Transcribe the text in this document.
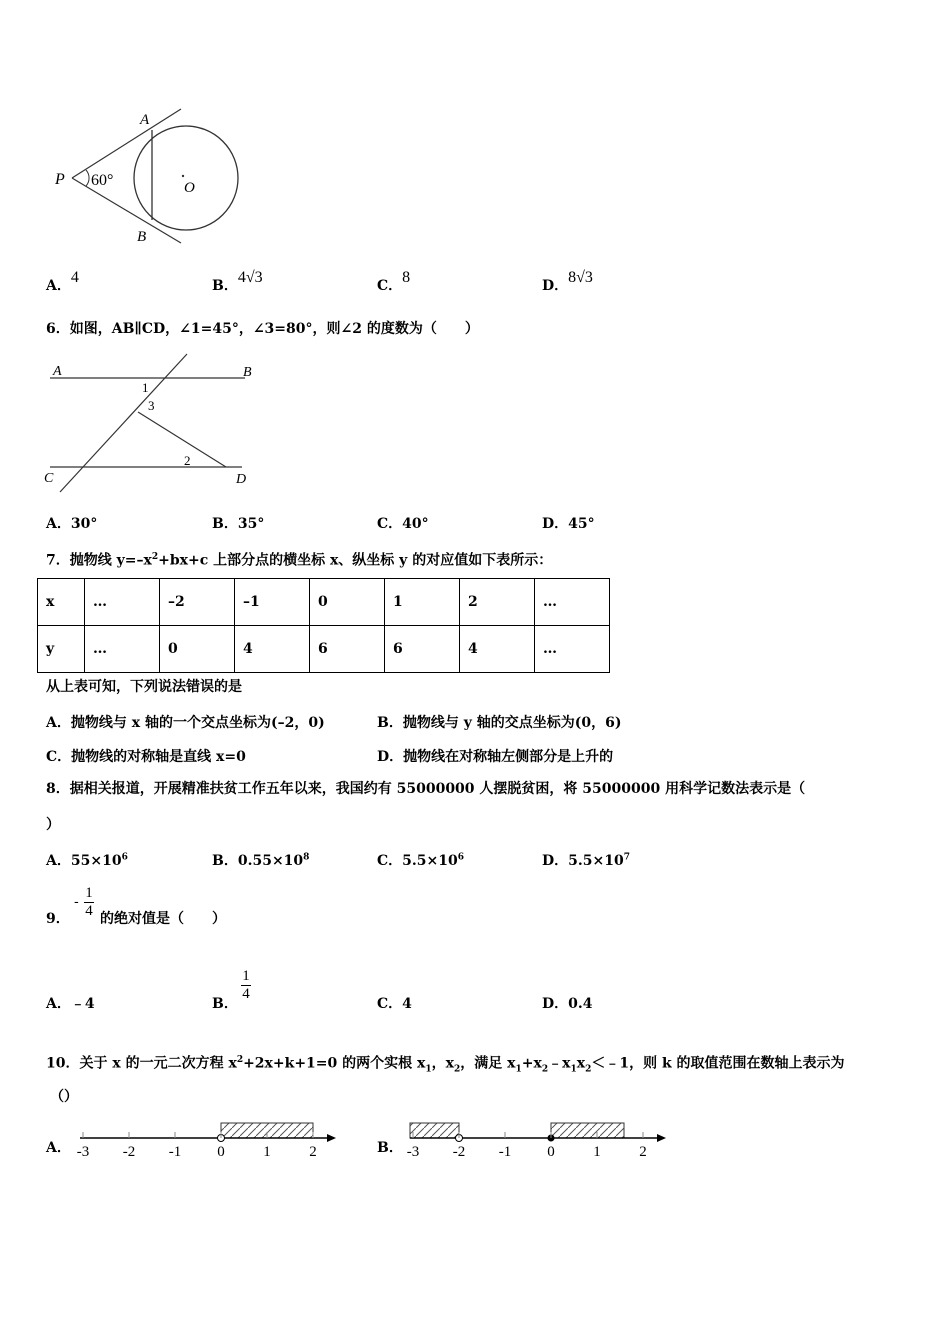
P
A
B
O
60°
A．4	B．4√3	C．8	D．8√3
6．如图，AB∥CD，∠1=45°，∠3=80°，则∠2 的度数为（　　）
A	B
C	D
1
3
2
A．30°	B．35°	C．40°	D．45°
7．抛物线 $y=-x^2+bx+c$ 上部分点的横坐标 x、纵坐标 y 的对应值如下表所示：
x	…	–2	–1	0	1	2	…
y	…	0	4	6	6	4	…
从上表可知，下列说法错误的是
A．抛物线与 x 轴的一个交点坐标为(–2，0)	B．抛物线与 y 轴的交点坐标为(0，6)
C．抛物线的对称轴是直线 x=0	D．抛物线在对称轴左侧部分是上升的
8．据相关报道，开展精准扶贫工作五年以来，我国约有 55000000 人摆脱贫困，将 55000000 用科学记数法表示是（
）
A．$55\times 10^6$	B．$0.55\times 10^8$	C．$5.5\times 10^6$	D．$5.5\times 10^7$
9．
-
1
4 的绝对值是（　　）
A．﹣4	B．
1
4
C．4	D．0.4
10．关于 x 的一元二次方程 $x^2+2x+k+1=0$ 的两个实根 $x_1$，$x_2$，满足 $x_1+x_2﹣x_1x_2<﹣1$，则 k 的取值范围在数轴上表示为
（）
A．	B．
-3 -2 -1 0	1	2	-3 -2 -1 0	1	2
